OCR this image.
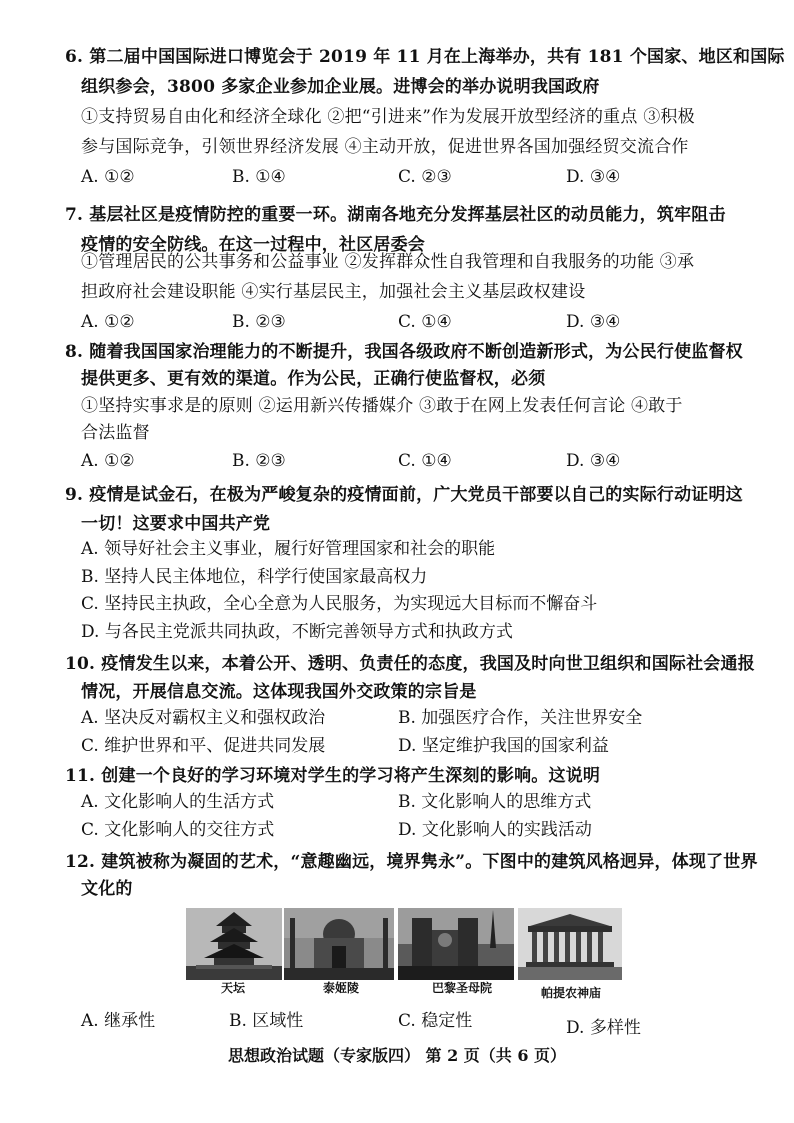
6. 第二届中国国际进口博览会于 2019 年 11 月在上海举办，共有 181 个国家、地区和国际
组织参会，3800 多家企业参加企业展。进博会的举办说明我国政府
①支持贸易自由化和经济全球化 ②把“引进来”作为发展开放型经济的重点 ③积极
参与国际竞争，引领世界经济发展 ④主动开放，促进世界各国加强经贸交流合作
A. ①②	B. ①④	C. ②③	D. ③④
7. 基层社区是疫情防控的重要一环。湖南各地充分发挥基层社区的动员能力，筑牢阻击
疫情的安全防线。在这一过程中，社区居委会
①管理居民的公共事务和公益事业 ②发挥群众性自我管理和自我服务的功能 ③承
担政府社会建设职能 ④实行基层民主，加强社会主义基层政权建设
A. ①②	B. ②③	C. ①④	D. ③④
8. 随着我国国家治理能力的不断提升，我国各级政府不断创造新形式，为公民行使监督权
提供更多、更有效的渠道。作为公民，正确行使监督权，必须
①坚持实事求是的原则 ②运用新兴传播媒介 ③敢于在网上发表任何言论 ④敢于
合法监督
A. ①②	B. ②③	C. ①④	D. ③④
9. 疫情是试金石，在极为严峻复杂的疫情面前，广大党员干部要以自己的实际行动证明这
一切！这要求中国共产党
A. 领导好社会主义事业，履行好管理国家和社会的职能
B. 坚持人民主体地位，科学行使国家最高权力
C. 坚持民主执政，全心全意为人民服务，为实现远大目标而不懈奋斗
D. 与各民主党派共同执政，不断完善领导方式和执政方式
10. 疫情发生以来，本着公开、透明、负责任的态度，我国及时向世卫组织和国际社会通报
情况，开展信息交流。这体现我国外交政策的宗旨是
A. 坚决反对霸权主义和强权政治	B. 加强医疗合作，关注世界安全
C. 维护世界和平、促进共同发展	D. 坚定维护我国的国家利益
11. 创建一个良好的学习环境对学生的学习将产生深刻的影响。这说明
A. 文化影响人的生活方式	B. 文化影响人的思维方式
C. 文化影响人的交往方式	D. 文化影响人的实践活动
12. 建筑被称为凝固的艺术，“意趣幽远，境界隽永”。下图中的建筑风格迥异，体现了世界
文化的
天坛	泰姬陵	巴黎圣母院	帕提农神庙
A. 继承性	B. 区域性	C. 稳定性	D. 多样性
思想政治试题（专家版四） 第 2 页（共 6 页）
